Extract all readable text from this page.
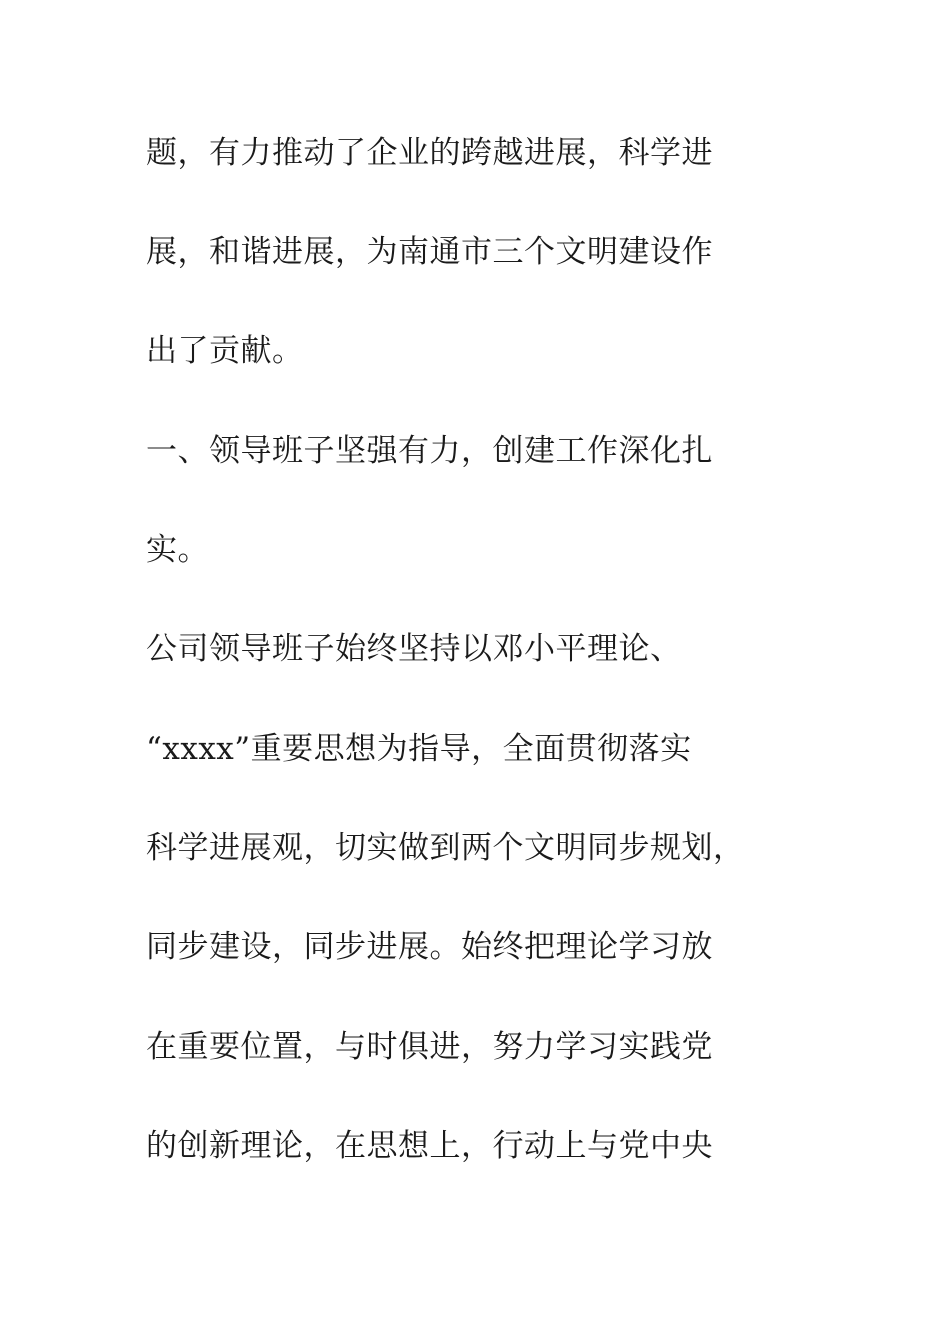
题，有力推动了企业的跨越进展，科学进
展，和谐进展，为南通市三个文明建设作
出了贡献。
一、领导班子坚强有力，创建工作深化扎
实。
公司领导班子始终坚持以邓小平理论、
“xxxx”重要思想为指导，全面贯彻落实
科学进展观，切实做到两个文明同步规划，
同步建设，同步进展。始终把理论学习放
在重要位置，与时俱进，努力学习实践党
的创新理论，在思想上，行动上与党中央
